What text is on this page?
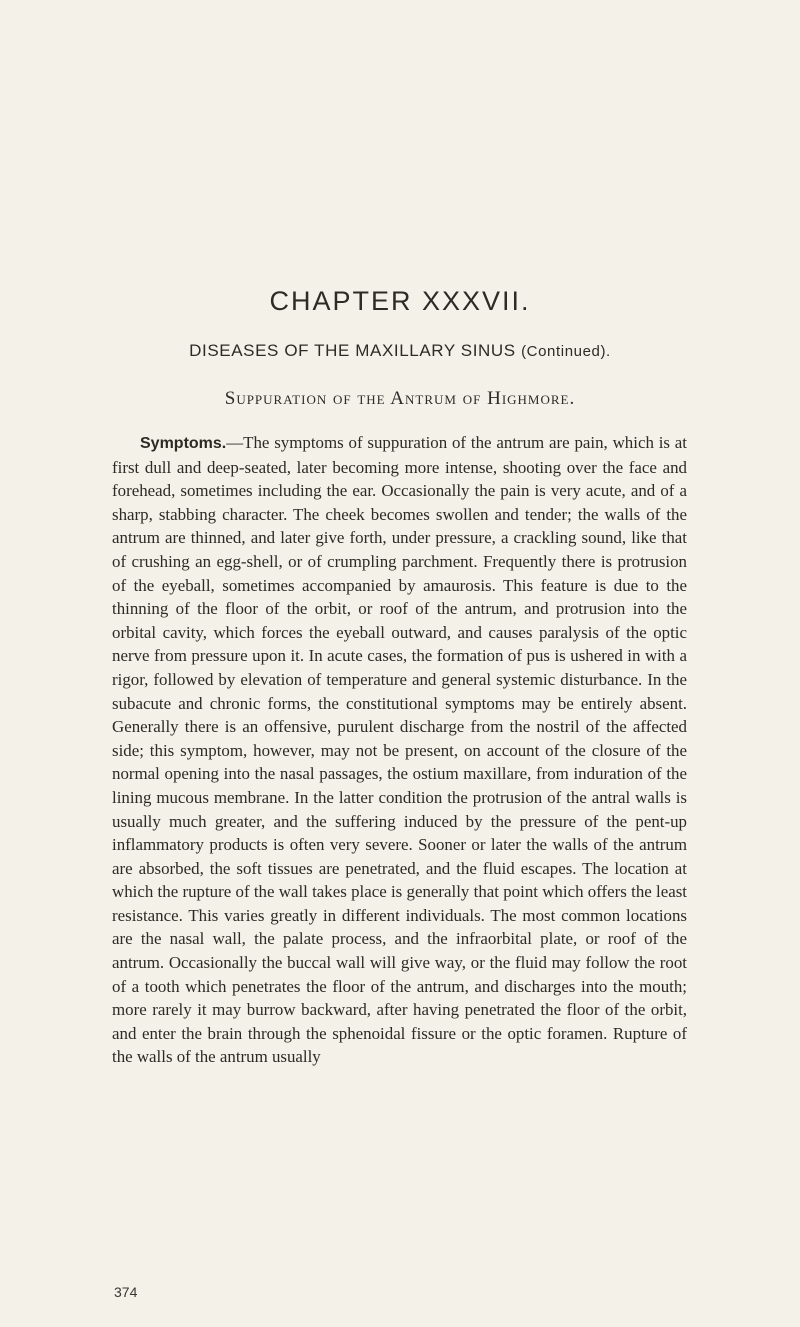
CHAPTER XXXVII.
DISEASES OF THE MAXILLARY SINUS (Continued).
Suppuration of the Antrum of Highmore.

Symptoms.—The symptoms of suppuration of the antrum are pain, which is at first dull and deep-seated, later becoming more intense, shooting over the face and forehead, sometimes including the ear. Occasionally the pain is very acute, and of a sharp, stabbing character. The cheek becomes swollen and tender; the walls of the antrum are thinned, and later give forth, under pressure, a crackling sound, like that of crushing an egg-shell, or of crumpling parchment. Frequently there is protrusion of the eyeball, sometimes accompanied by amaurosis. This feature is due to the thinning of the floor of the orbit, or roof of the antrum, and protrusion into the orbital cavity, which forces the eyeball outward, and causes paralysis of the optic nerve from pressure upon it. In acute cases, the formation of pus is ushered in with a rigor, followed by elevation of temperature and general systemic disturbance. In the subacute and chronic forms, the constitutional symptoms may be entirely absent. Generally there is an offensive, purulent discharge from the nostril of the affected side; this symptom, however, may not be present, on account of the closure of the normal opening into the nasal passages, the ostium maxillare, from induration of the lining mucous membrane. In the latter condition the protrusion of the antral walls is usually much greater, and the suffering induced by the pressure of the pent-up inflammatory products is often very severe. Sooner or later the walls of the antrum are absorbed, the soft tissues are penetrated, and the fluid escapes. The location at which the rupture of the wall takes place is generally that point which offers the least resistance. This varies greatly in different individuals. The most common locations are the nasal wall, the palate process, and the infraorbital plate, or roof of the antrum. Occasionally the buccal wall will give way, or the fluid may follow the root of a tooth which penetrates the floor of the antrum, and discharges into the mouth; more rarely it may burrow backward, after having penetrated the floor of the orbit, and enter the brain through the sphenoidal fissure or the optic foramen. Rupture of the walls of the antrum usually

374
